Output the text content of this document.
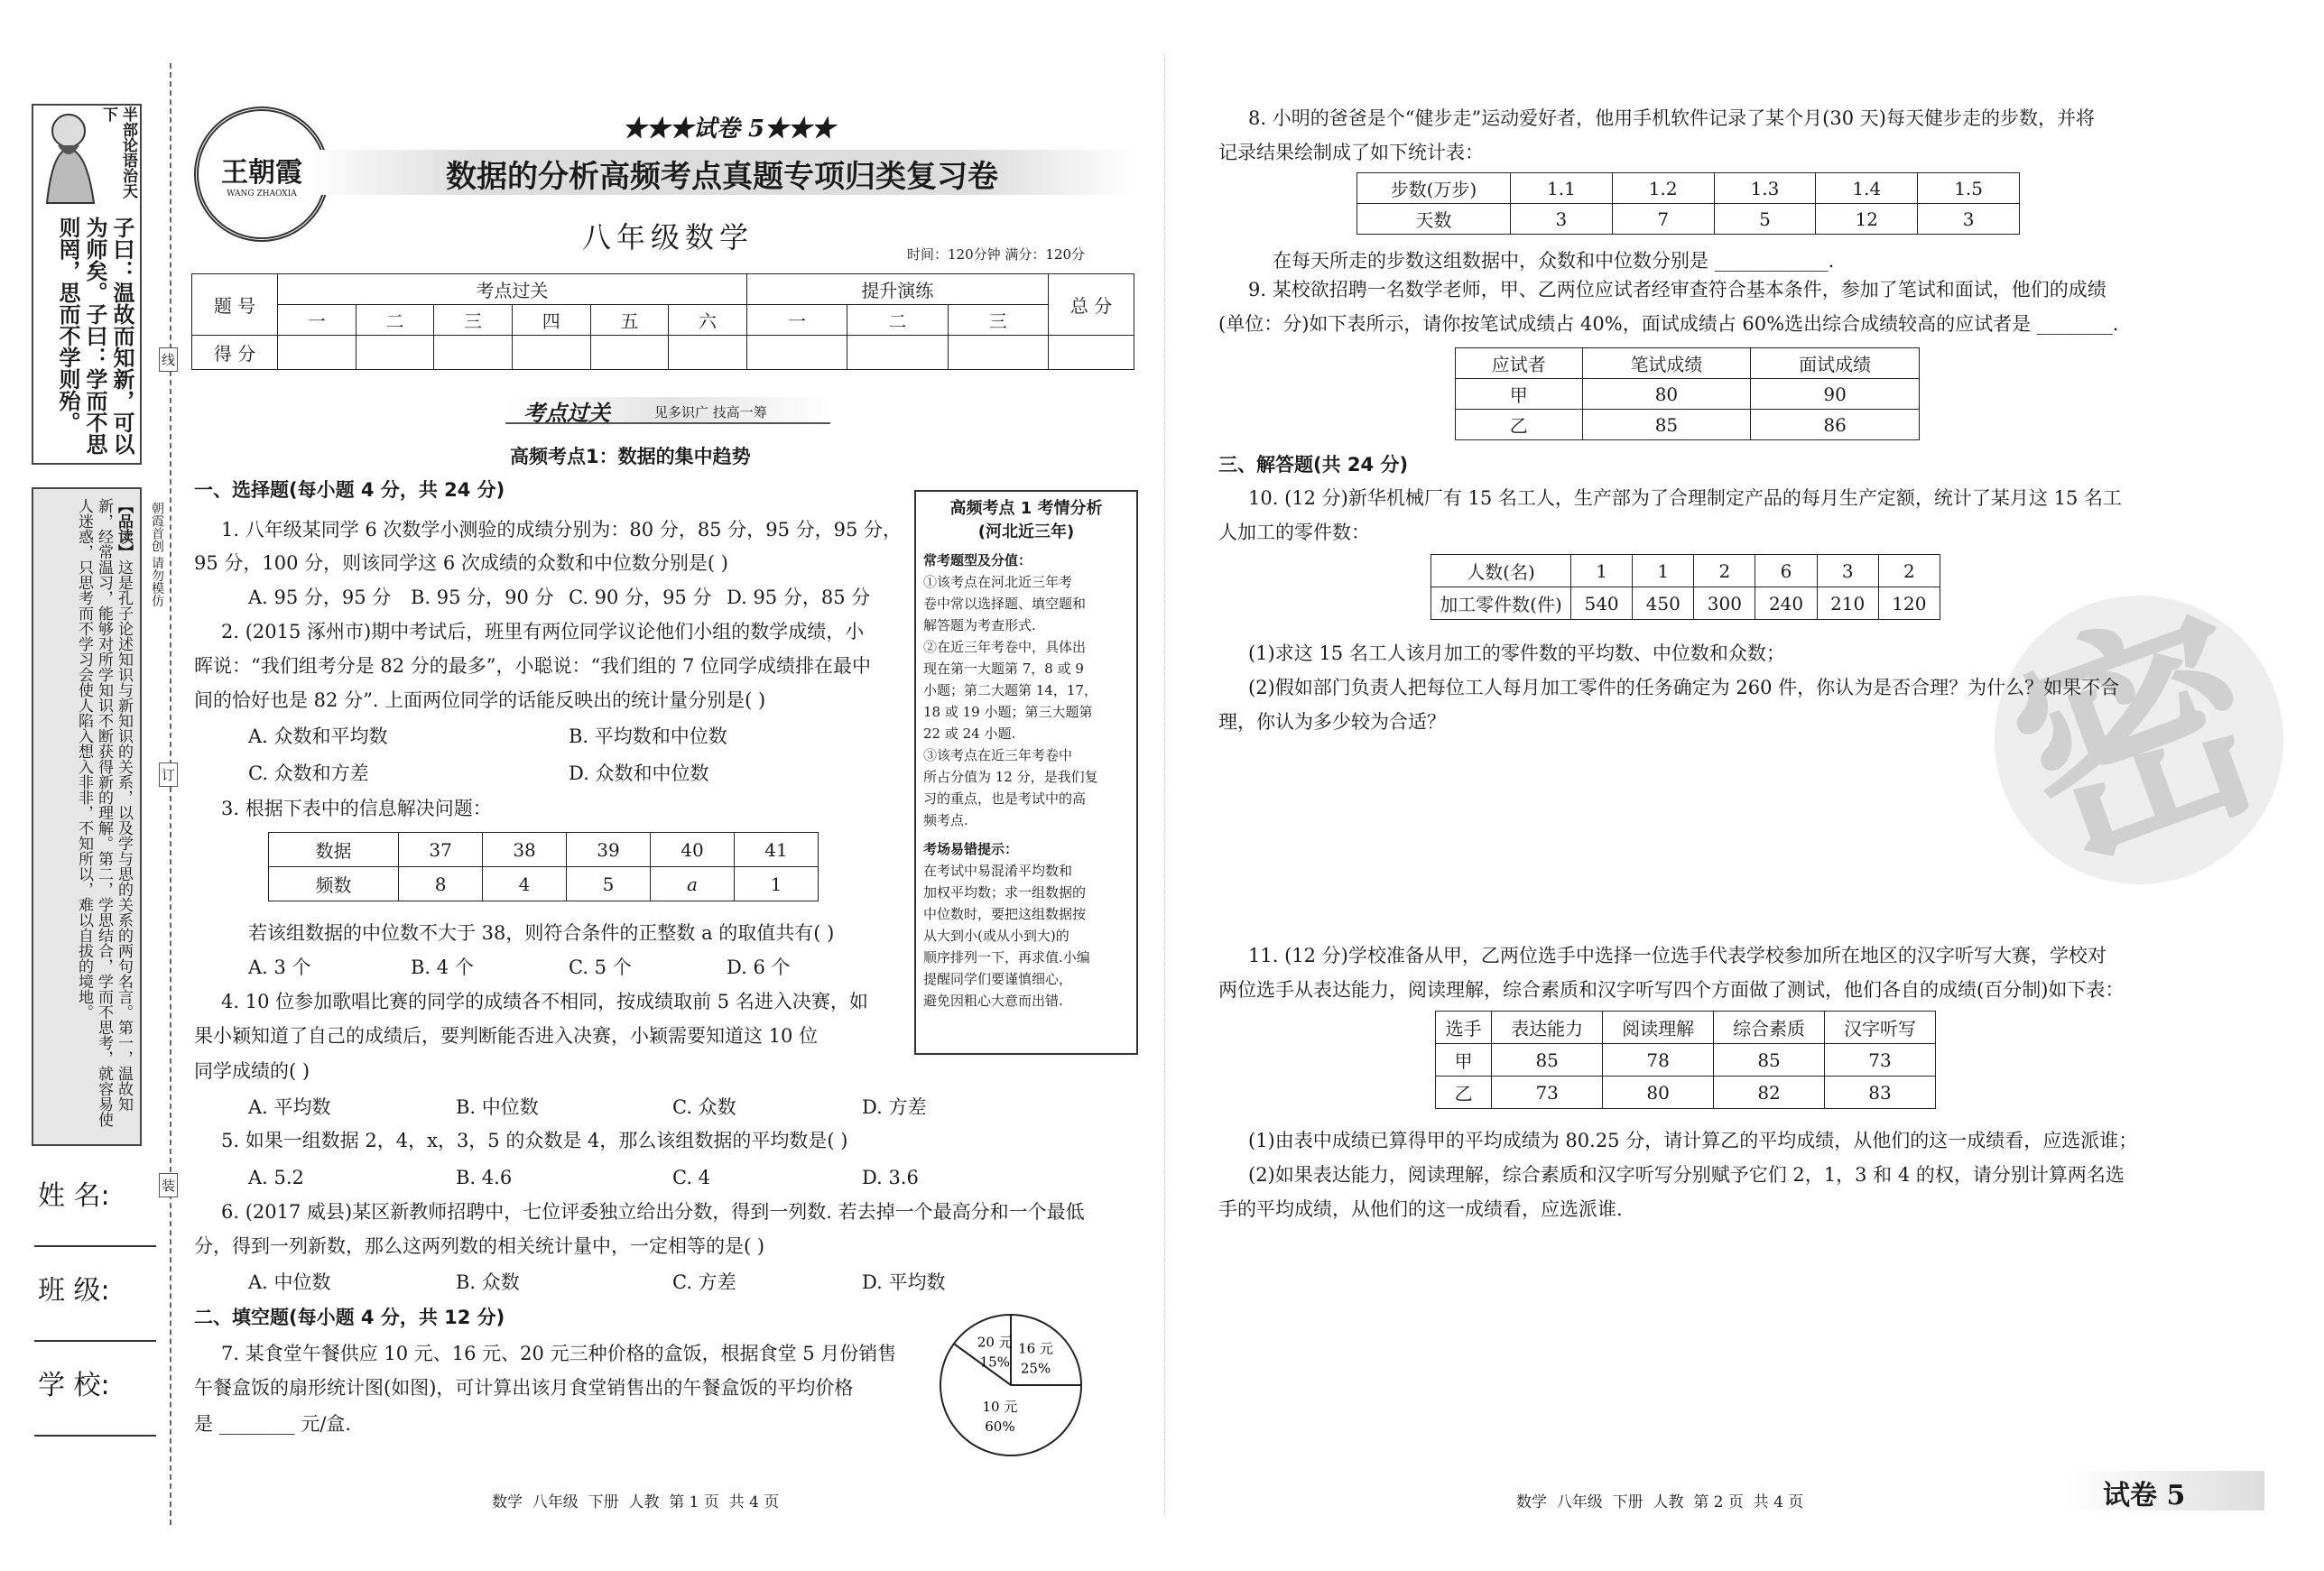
半部论语治天下
子曰：温故而知新，可以为师矣。子曰：学而不思则罔，思而不学则殆。
朝霞首创 请勿模仿
【品读】这是孔子论述知识与新知识的关系，以及学与思的关系的两句名言。第一，温故知新，经常温习，能够对所学知识不断获得新的理解。第二，学思结合，学而不思考，就容易使人迷惑，只思考而不学习会使人陷入想入非非，不知所以，难以自拔的境地。
姓 名:
班 级:
学 校:
线
订
装
王朝霞
WANG ZHAOXIA
★★★试卷 5★★★
数据的分析高频考点真题专项归类复习卷
八年级数学	时间：120分钟 满分：120分
题 号	考点过关						提升演练			总 分
	一	二	三	四	五	六	一	二	三	
得 分										
考点过关	见多识广 技高一筹
高频考点1：数据的集中趋势
一、选择题(每小题 4 分，共 24 分)
1. 八年级某同学 6 次数学小测验的成绩分别为：80 分，85 分，95 分，95 分，
95 分，100 分，则该同学这 6 次成绩的众数和中位数分别是( )
A. 95 分，95 分 B. 95 分，90 分 C. 90 分，95 分 D. 95 分，85 分
2. (2015 涿州市)期中考试后，班里有两位同学议论他们小组的数学成绩，小
晖说：“我们组考分是 82 分的最多”，小聪说：“我们组的 7 位同学成绩排在最中
间的恰好也是 82 分”. 上面两位同学的话能反映出的统计量分别是( )
A. 众数和平均数	B. 平均数和中位数
C. 众数和方差	D. 众数和中位数
3. 根据下表中的信息解决问题：
数据	37	38	39	40	41
频数	8	4	5	a	1
若该组数据的中位数不大于 38，则符合条件的正整数 a 的取值共有( )
A. 3 个	B. 4 个	C. 5 个	D. 6 个
4. 10 位参加歌唱比赛的同学的成绩各不相同，按成绩取前 5 名进入决赛，如
果小颖知道了自己的成绩后，要判断能否进入决赛，小颖需要知道这 10 位
同学成绩的( )
A. 平均数	B. 中位数	C. 众数	D. 方差
5. 如果一组数据 2，4，x，3，5 的众数是 4，那么该组数据的平均数是( )
A. 5.2	B. 4.6	C. 4	D. 3.6
6. (2017 威县)某区新教师招聘中，七位评委独立给出分数，得到一列数. 若去掉一个最高分和一个最低
分，得到一列新数，那么这两列数的相关统计量中，一定相等的是( )
A. 中位数	B. 众数	C. 方差	D. 平均数
二、填空题(每小题 4 分，共 12 分)
7. 某食堂午餐供应 10 元、16 元、20 元三种价格的盒饭，根据食堂 5 月份销售
午餐盒饭的扇形统计图(如图)，可计算出该月食堂销售出的午餐盒饭的平均价格
是 ________ 元/盒.
20 元
15%
16 元
25%
10 元
60%
高频考点 1 考情分析
(河北近三年)
常考题型及分值：
①该考点在河北近三年考
卷中常以选择题、填空题和
解答题为考查形式.
②在近三年考卷中，具体出
现在第一大题第 7，8 或 9
小题；第二大题第 14，17，
18 或 19 小题；第三大题第
22 或 24 小题.
③该考点在近三年考卷中
所占分值为 12 分，是我们复
习的重点，也是考试中的高
频考点.
考场易错提示：
在考试中易混淆平均数和
加权平均数；求一组数据的
中位数时，要把这组数据按
从大到小(或从小到大)的
顺序排列一下，再求值.小编
提醒同学们要谨慎细心，
避免因粗心大意而出错.
数学  八年级  下册  人教  第 1 页  共 4 页
密
8. 小明的爸爸是个“健步走”运动爱好者，他用手机软件记录了某个月(30 天)每天健步走的步数，并将
记录结果绘制成了如下统计表：
步数(万步)	1.1	1.2	1.3	1.4	1.5
天数	3	7	5	12	3
在每天所走的步数这组数据中，众数和中位数分别是 ____________.
9. 某校欲招聘一名数学老师，甲、乙两位应试者经审查符合基本条件，参加了笔试和面试，他们的成绩
(单位：分)如下表所示，请你按笔试成绩占 40%，面试成绩占 60%选出综合成绩较高的应试者是 ________.
应试者	笔试成绩	面试成绩
甲	80	90
乙	85	86
三、解答题(共 24 分)
10. (12 分)新华机械厂有 15 名工人，生产部为了合理制定产品的每月生产定额，统计了某月这 15 名工
人加工的零件数：
人数(名)	1	1	2	6	3	2
加工零件数(件)	540	450	300	240	210	120
(1)求这 15 名工人该月加工的零件数的平均数、中位数和众数；
(2)假如部门负责人把每位工人每月加工零件的任务确定为 260 件，你认为是否合理？为什么？如果不合
理，你认为多少较为合适？
11. (12 分)学校准备从甲，乙两位选手中选择一位选手代表学校参加所在地区的汉字听写大赛，学校对
两位选手从表达能力，阅读理解，综合素质和汉字听写四个方面做了测试，他们各自的成绩(百分制)如下表：
选手	表达能力	阅读理解	综合素质	汉字听写
甲	85	78	85	73
乙	73	80	82	83
(1)由表中成绩已算得甲的平均成绩为 80.25 分，请计算乙的平均成绩，从他们的这一成绩看，应选派谁；
(2)如果表达能力，阅读理解，综合素质和汉字听写分别赋予它们 2，1，3 和 4 的权，请分别计算两名选
手的平均成绩，从他们的这一成绩看，应选派谁.
数学  八年级  下册  人教  第 2 页  共 4 页	试卷 5
